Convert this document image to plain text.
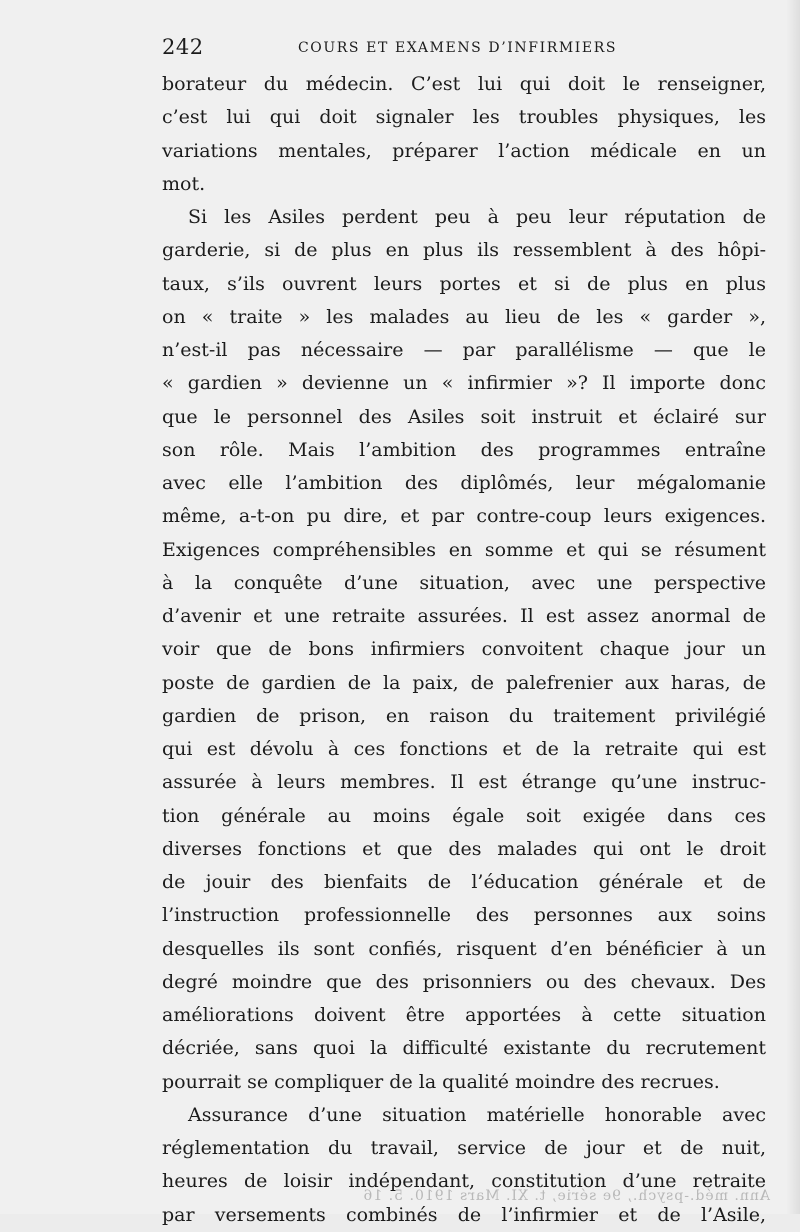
242	COURS ET EXAMENS D’INFIRMIERS
borateur du médecin. C’est lui qui doit le renseigner,
c’est lui qui doit signaler les troubles physiques, les
variations mentales, préparer l’action médicale en un
mot.
Si les Asiles perdent peu à peu leur réputation de
garderie, si de plus en plus ils ressemblent à des hôpi-
taux, s’ils ouvrent leurs portes et si de plus en plus
on « traite » les malades au lieu de les « garder »,
n’est-il pas nécessaire — par parallélisme — que le
« gardien » devienne un « infirmier »? Il importe donc
que le personnel des Asiles soit instruit et éclairé sur
son rôle. Mais l’ambition des programmes entraîne
avec elle l’ambition des diplômés, leur mégalomanie
même, a-t-on pu dire, et par contre-coup leurs exigences.
Exigences compréhensibles en somme et qui se résument
à la conquête d’une situation, avec une perspective
d’avenir et une retraite assurées. Il est assez anormal de
voir que de bons infirmiers convoitent chaque jour un
poste de gardien de la paix, de palefrenier aux haras, de
gardien de prison, en raison du traitement privilégié
qui est dévolu à ces fonctions et de la retraite qui est
assurée à leurs membres. Il est étrange qu’une instruc-
tion générale au moins égale soit exigée dans ces
diverses fonctions et que des malades qui ont le droit
de jouir des bienfaits de l’éducation générale et de
l’instruction professionnelle des personnes aux soins
desquelles ils sont confiés, risquent d’en bénéficier à un
degré moindre que des prisonniers ou des chevaux. Des
améliorations doivent être apportées à cette situation
décriée, sans quoi la difficulté existante du recrutement
pourrait se compliquer de la qualité moindre des recrues.
Assurance d’une situation matérielle honorable avec
réglementation du travail, service de jour et de nuit,
heures de loisir indépendant, constitution d’une retraite
par versements combinés de l’infirmier et de l’Asile,
Ann. méd.-psych., 9e série, t. XI. Mars 1910. 5. 16
